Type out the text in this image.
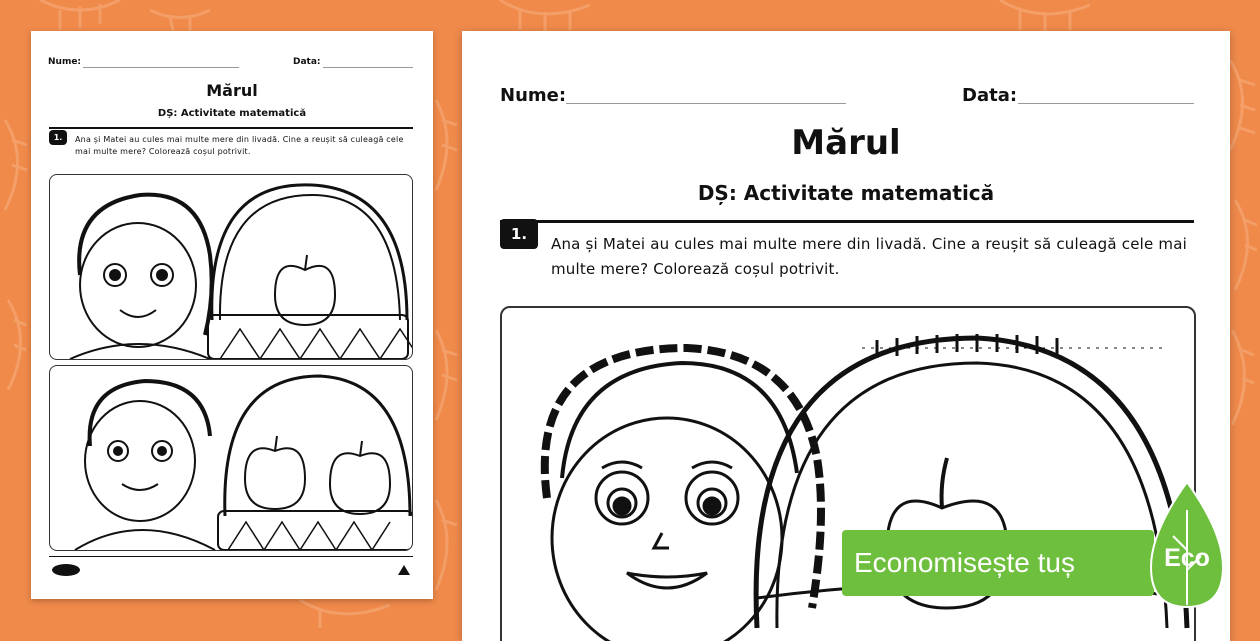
Nume:	Data:
Mărul
DȘ: Activitate matematică
1.	Ana și Matei au cules mai multe mere din livadă. Cine a reușit să culeagă cele mai multe mere? Colorează coșul potrivit.
Nume:	Data:
Mărul
DȘ: Activitate matematică
1.
Ana și Matei au cules mai multe mere din livadă. Cine a reușit să culeagă cele mai multe mere? Colorează coșul potrivit.
Economisește tuș	Eco
